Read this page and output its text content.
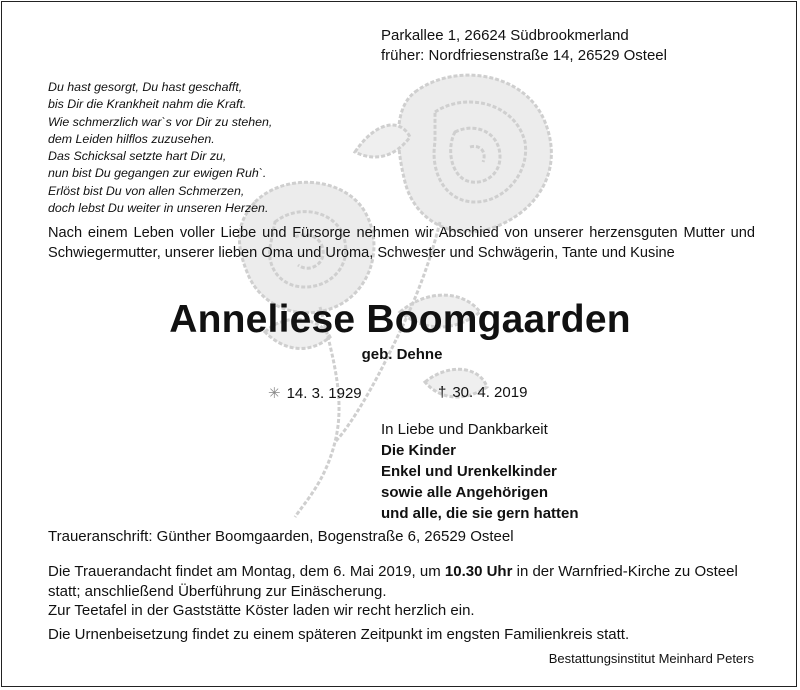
Parkallee 1, 26624 Südbrookmerland
früher: Nordfriesenstraße 14, 26529 Osteel
Du hast gesorgt, Du hast geschafft,
bis Dir die Krankheit nahm die Kraft.
Wie schmerzlich war`s vor Dir zu stehen,
dem Leiden hilflos zuzusehen.
Das Schicksal setzte hart Dir zu,
nun bist Du gegangen zur ewigen Ruh`.
Erlöst bist Du von allen Schmerzen,
doch lebst Du weiter in unseren Herzen.
Nach einem Leben voller Liebe und Fürsorge nehmen wir Abschied von unserer herzensguten Mutter und Schwiegermutter, unserer lieben Oma und Uroma, Schwester und Schwägerin, Tante und Kusine
Anneliese Boomgaarden
geb. Dehne
✳ 14. 3. 1929	† 30. 4. 2019
In Liebe und Dankbarkeit
Die Kinder
Enkel und Urenkelkinder
sowie alle Angehörigen
und alle, die sie gern hatten
Traueranschrift: Günther Boomgaarden, Bogenstraße 6, 26529 Osteel
Die Trauerandacht findet am Montag, dem 6. Mai 2019, um 10.30 Uhr in der Warnfried-Kirche zu Osteel statt; anschließend Überführung zur Einäscherung.
Zur Teetafel in der Gaststätte Köster laden wir recht herzlich ein.
Die Urnenbeisetzung findet zu einem späteren Zeitpunkt im engsten Familienkreis statt.
Bestattungsinstitut Meinhard Peters
